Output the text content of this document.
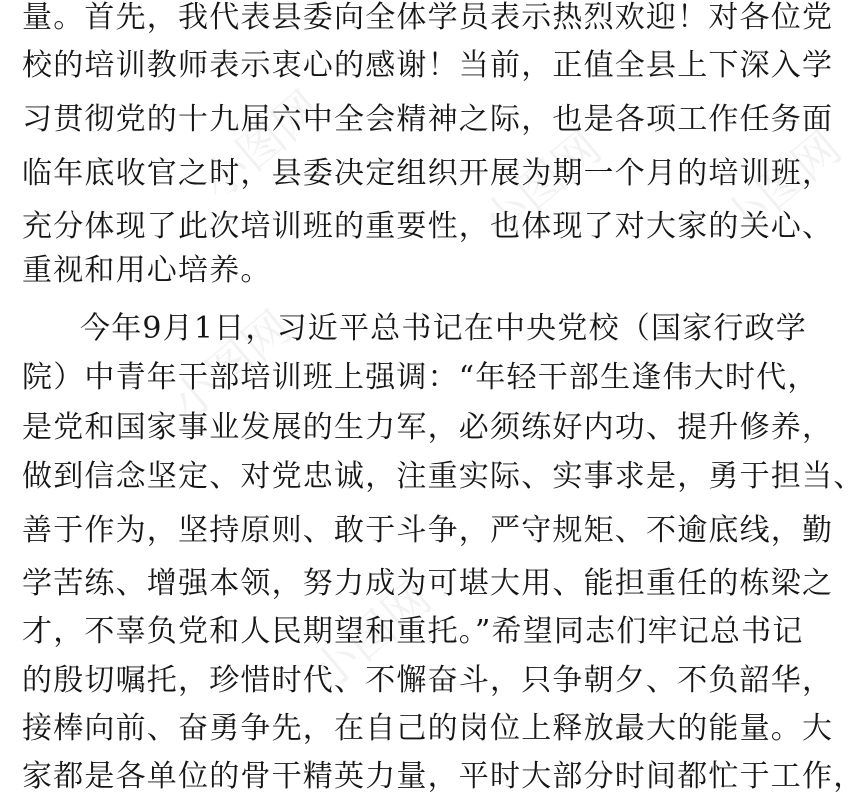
小图网	小图网 小图网
小图网
小图网
量。首先，我代表县委向全体学员表示热烈欢迎！对各位党
校的培训教师表示衷心的感谢！当前，正值全县上下深入学
习贯彻党的十九届六中全会精神之际，也是各项工作任务面
临年底收官之时，县委决定组织开展为期一个月的培训班，
充分体现了此次培训班的重要性，也体现了对大家的关心、
重视和用心培养。
今年9月1日，习近平总书记在中央党校（国家行政学
院）中青年干部培训班上强调：“年轻干部生逢伟大时代，
是党和国家事业发展的生力军，必须练好内功、提升修养，
做到信念坚定、对党忠诚，注重实际、实事求是，勇于担当、
善于作为，坚持原则、敢于斗争，严守规矩、不逾底线，勤
学苦练、增强本领，努力成为可堪大用、能担重任的栋梁之
才，不辜负党和人民期望和重托。”希望同志们牢记总书记
的殷切嘱托，珍惜时代、不懈奋斗，只争朝夕、不负韶华，
接棒向前、奋勇争先，在自己的岗位上释放最大的能量。大
家都是各单位的骨干精英力量，平时大部分时间都忙于工作，
